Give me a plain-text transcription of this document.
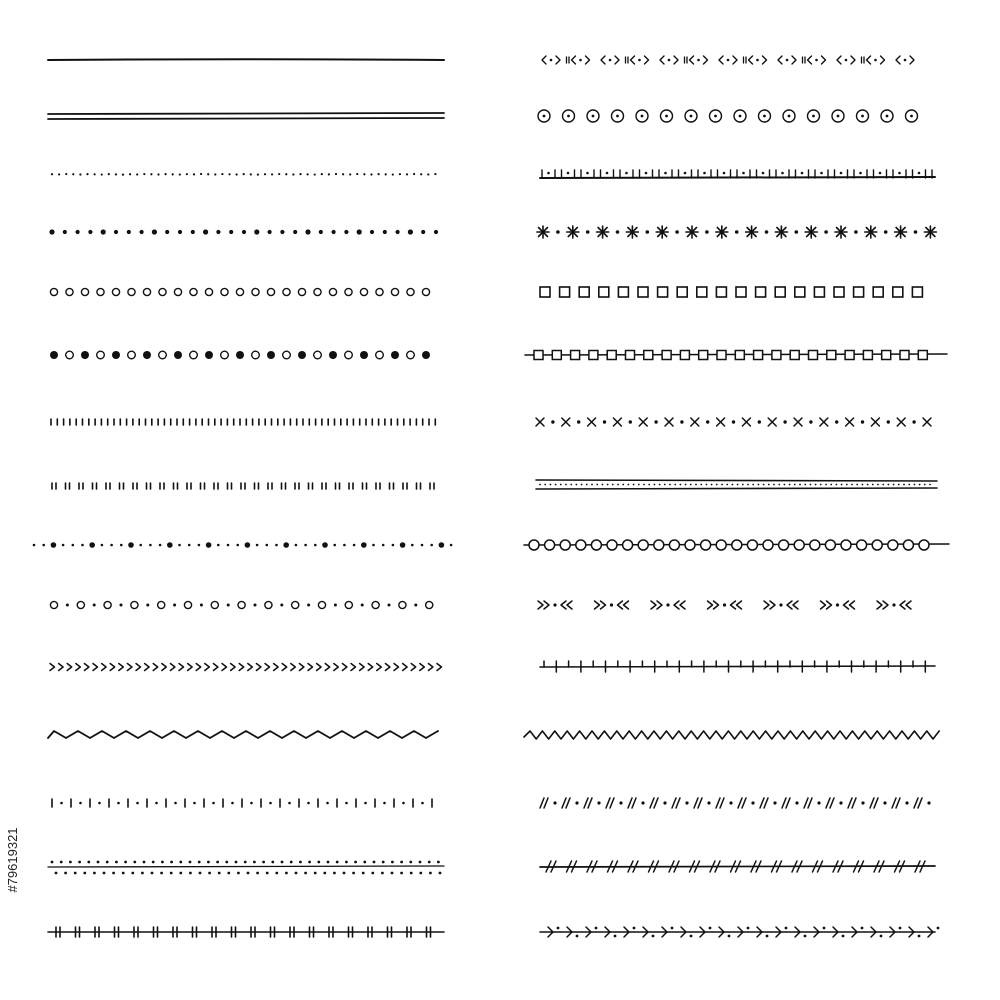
#79619321
